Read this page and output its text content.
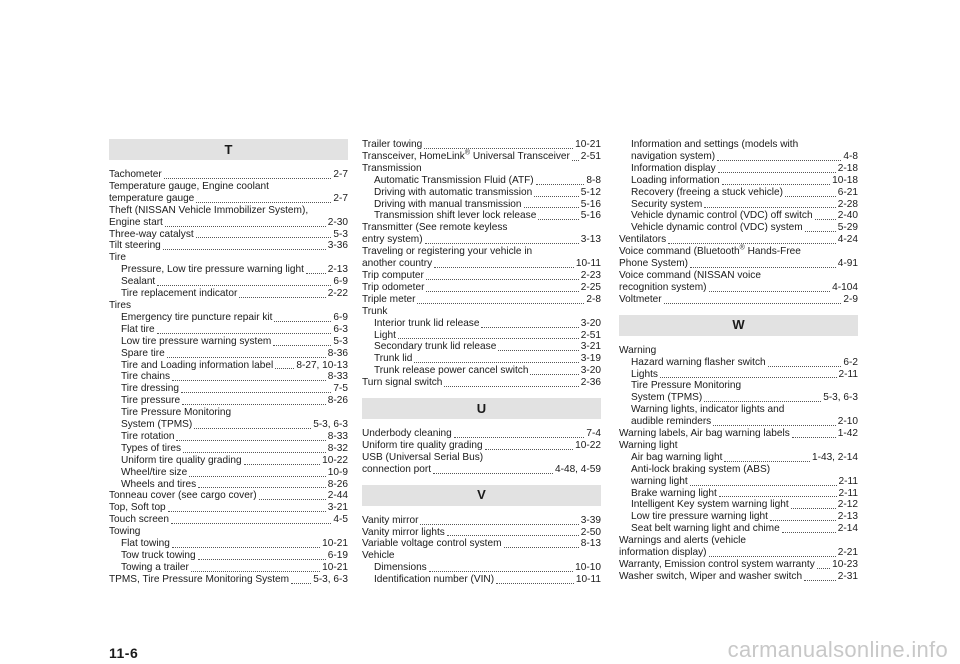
T
Tachometer	2-7
Temperature gauge, Engine coolant
temperature gauge	2-7
Theft (NISSAN Vehicle Immobilizer System),
Engine start	2-30
Three-way catalyst	5-3
Tilt steering	3-36
Tire
Pressure, Low tire pressure warning light 2-13
Sealant	6-9
Tire replacement indicator	2-22
Tires
Emergency tire puncture repair kit	6-9
Flat tire	6-3
Low tire pressure warning system	5-3
Spare tire	8-36
Tire and Loading information label 8-27, 10-13
Tire chains	8-33
Tire dressing	7-5
Tire pressure	8-26
Tire Pressure Monitoring
System (TPMS)	5-3, 6-3
Tire rotation	8-33
Types of tires	8-32
Uniform tire quality grading	10-22
Wheel/tire size	10-9
Wheels and tires	8-26
Tonneau cover (see cargo cover)	2-44
Top, Soft top	3-21
Touch screen	4-5
Towing
Flat towing	10-21
Tow truck towing	6-19
Towing a trailer	10-21
TPMS, Tire Pressure Monitoring System 5-3, 6-3
Trailer towing	10-21
Transceiver, HomeLink® Universal Transceiver 2-51
Transmission
Automatic Transmission Fluid (ATF)	8-8
Driving with automatic transmission	5-12
Driving with manual transmission	5-16
Transmission shift lever lock release	5-16
Transmitter (See remote keyless
entry system)	3-13
Traveling or registering your vehicle in
another country	10-11
Trip computer	2-23
Trip odometer	2-25
Triple meter	2-8
Trunk
Interior trunk lid release	3-20
Light	2-51
Secondary trunk lid release	3-21
Trunk lid	3-19
Trunk release power cancel switch	3-20
Turn signal switch	2-36
U
Underbody cleaning	7-4
Uniform tire quality grading	10-22
USB (Universal Serial Bus)
connection port	4-48, 4-59
V
Vanity mirror	3-39
Vanity mirror lights	2-50
Variable voltage control system	8-13
Vehicle
Dimensions	10-10
Identification number (VIN)	10-11
Information and settings (models with
navigation system)	4-8
Information display	2-18
Loading information	10-18
Recovery (freeing a stuck vehicle)	6-21
Security system	2-28
Vehicle dynamic control (VDC) off switch 2-40
Vehicle dynamic control (VDC) system	5-29
Ventilators	4-24
Voice command (Bluetooth® Hands-Free
Phone System)	4-91
Voice command (NISSAN voice
recognition system)	4-104
Voltmeter	2-9
W
Warning
Hazard warning flasher switch	6-2
Lights	2-11
Tire Pressure Monitoring
System (TPMS)	5-3, 6-3
Warning lights, indicator lights and
audible reminders	2-10
Warning labels, Air bag warning labels	1-42
Warning light
Air bag warning light	1-43, 2-14
Anti-lock braking system (ABS)
warning light	2-11
Brake warning light	2-11
Intelligent Key system warning light	2-12
Low tire pressure warning light	2-13
Seat belt warning light and chime	2-14
Warnings and alerts (vehicle
information display)	2-21
Warranty, Emission control system warranty 10-23
Washer switch, Wiper and washer switch	2-31
11-6	carmanualsonline.info
